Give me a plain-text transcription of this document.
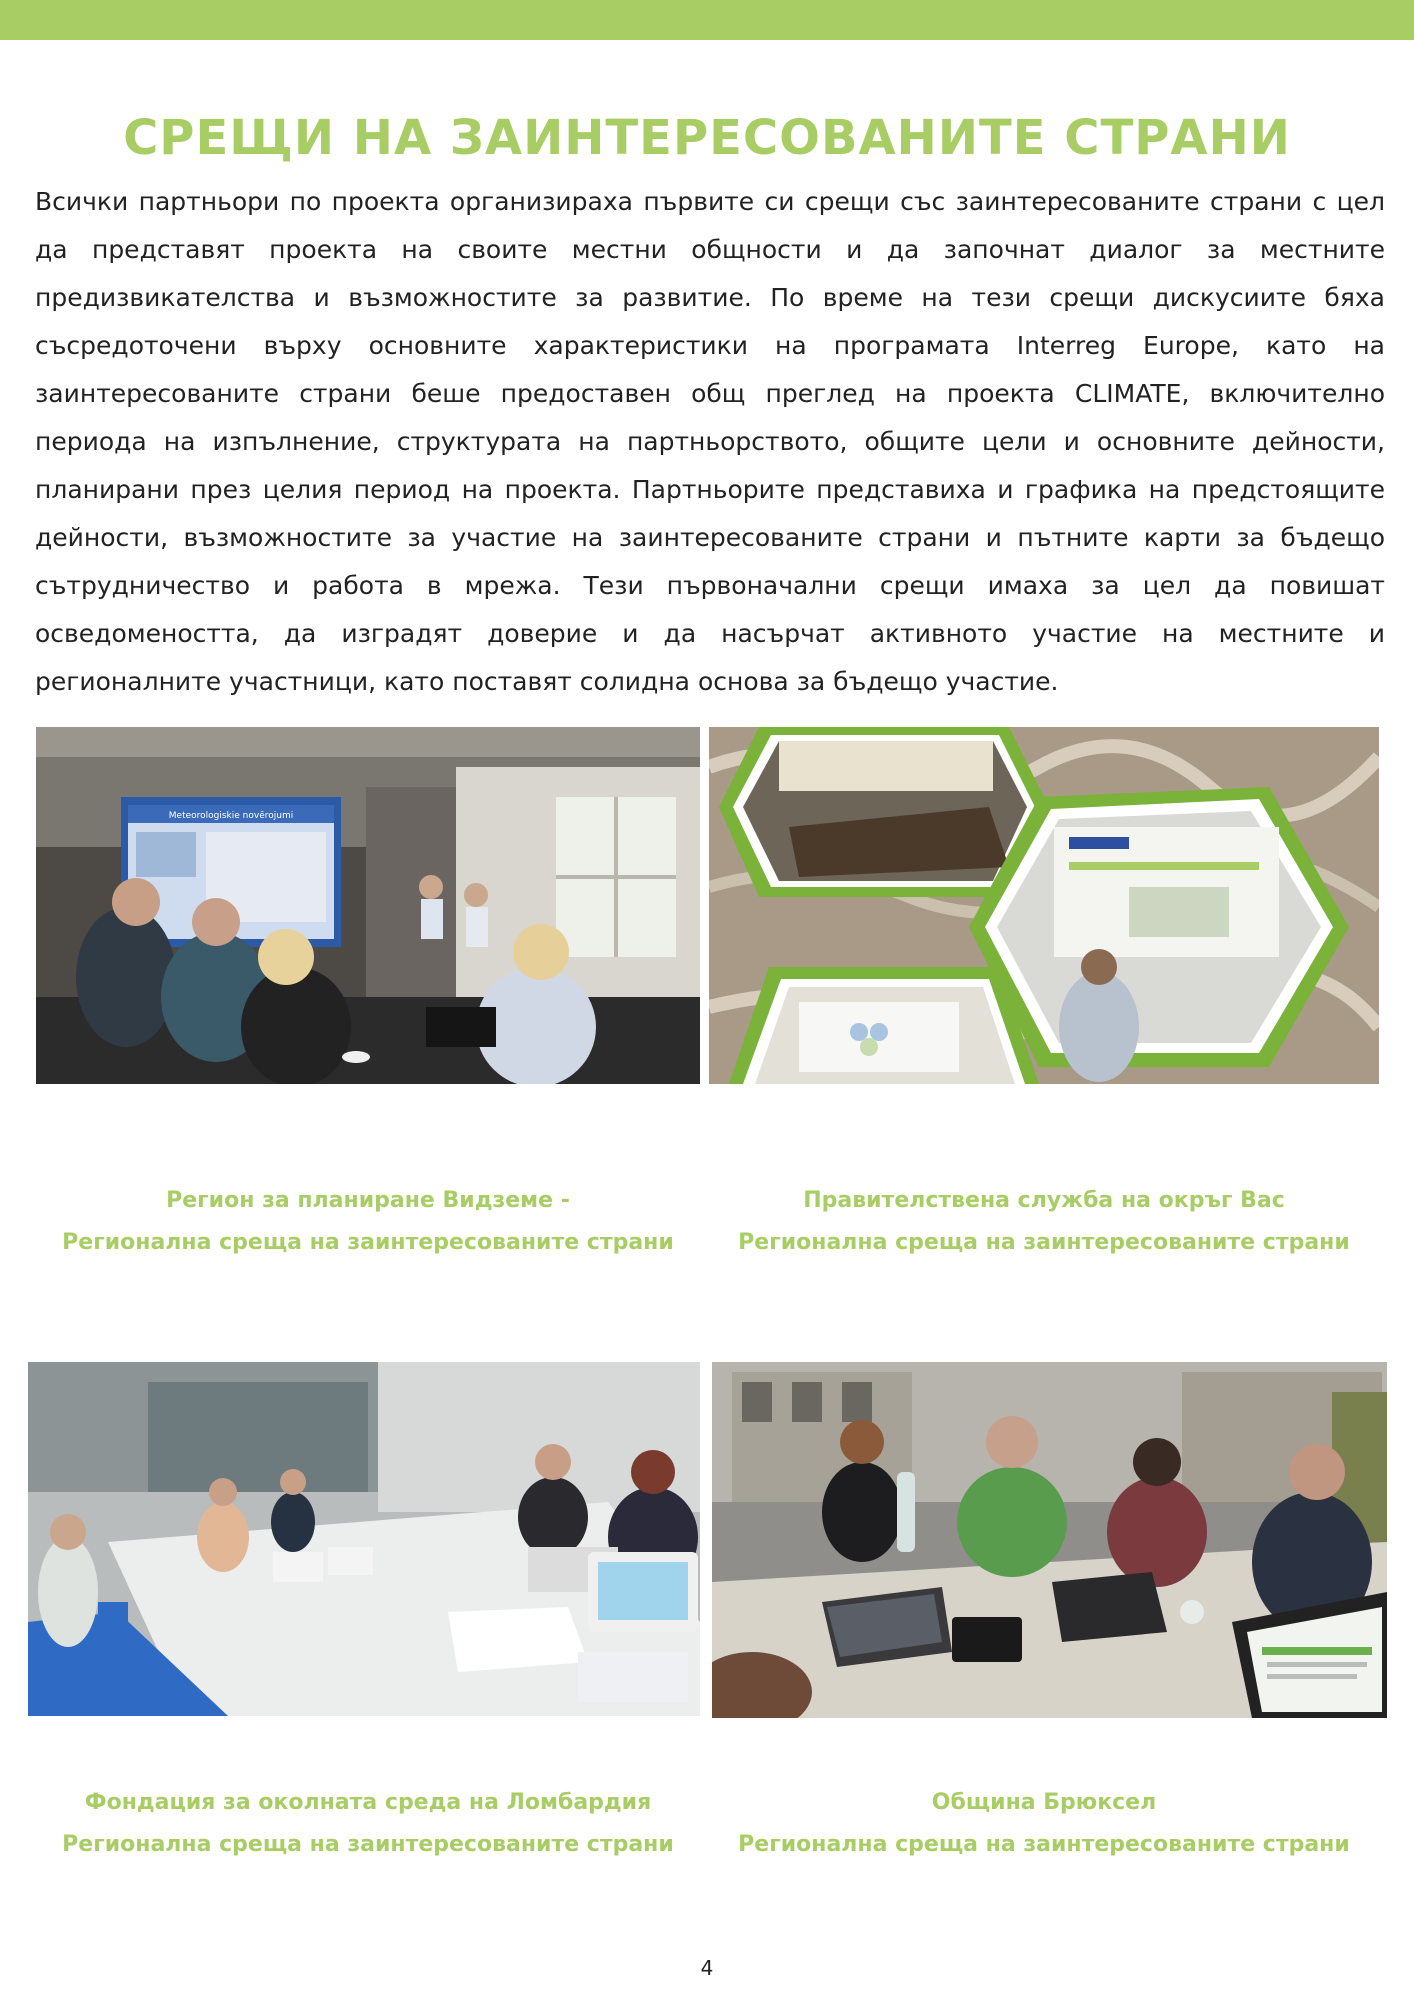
СРЕЩИ НА ЗАИНТЕРЕСОВАНИТЕ СТРАНИ
Всички партньори по проекта организираха първите си срещи със заинтересованите страни с цел да представят проекта на своите местни общности и да започнат диалог за местните предизвикателства и възможностите за развитие. По време на тези срещи дискусиите бяха съсредоточени върху основните характеристики на програмата Interreg Europe, като на заинтересованите страни беше предоставен общ преглед на проекта CLIMATE, включително периода на изпълнение, структурата на партньорството, общите цели и основните дейности, планирани през целия период на проекта. Партньорите представиха и графика на предстоящите дейности, възможностите за участие на заинтересованите страни и пътните карти за бъдещо сътрудничество и работа в мрежа. Тези първоначални срещи имаха за цел да повишат осведомеността, да изградят доверие и да насърчат активното участие на местните и регионалните участници, като поставят солидна основа за бъдещо участие.
Meteorologiskie novērojumi
Регион за планиране Видземе -
Регионална среща на заинтересованите страни
Правителствена служба на окръг Вас
Регионална среща на заинтересованите страни
Фондация за околната среда на Ломбардия
Регионална среща на заинтересованите страни
Община Брюксел
Регионална среща на заинтересованите страни
4
